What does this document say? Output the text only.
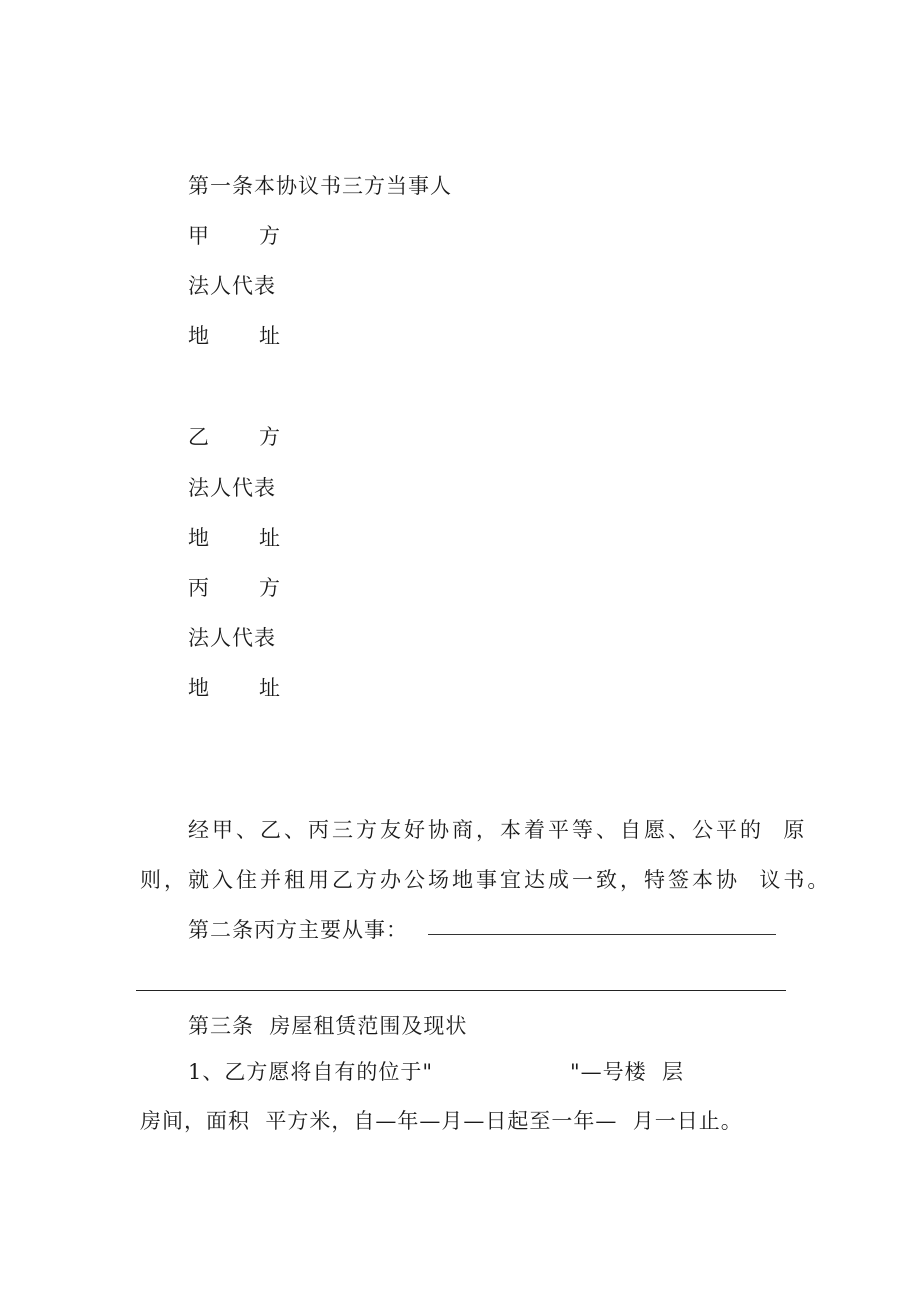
第一条本协议书三方当事人
甲 方
法人代表
地 址
乙 方
法人代表
地 址
丙 方
法人代表
地 址
经甲、乙、丙三方友好协商，本着平等、自愿、公平的  原
则，就入住并租用乙方办公场地事宜达成一致，特签本协  议书。
第二条丙方主要从事：
第三条  房屋租赁范围及现状
1、乙方愿将自有的位于"	"—号楼  层
房间，面积  平方米，自—年—月—日起至一年—  月一日止。
